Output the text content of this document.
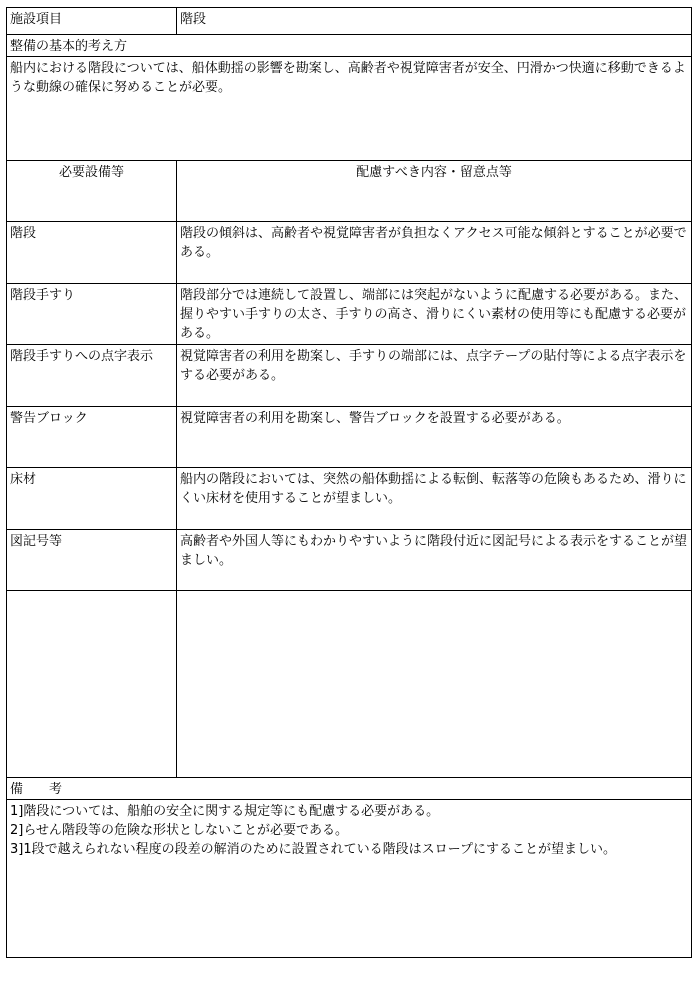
施設項目	階段
整備の基本的考え方	
船内における階段については、船体動揺の影響を勘案し、高齢者や視覚障害者が安全、円滑かつ快適に移動できるような動線の確保に努めることが必要。	
必要設備等	配慮すべき内容・留意点等
階段	階段の傾斜は、高齢者や視覚障害者が負担なくアクセス可能な傾斜とすることが必要である。
階段手すり	階段部分では連続して設置し、端部には突起がないように配慮する必要がある。また、握りやすい手すりの太さ、手すりの高さ、滑りにくい素材の使用等にも配慮する必要がある。
階段手すりへの点字表示	視覚障害者の利用を勘案し、手すりの端部には、点字テープの貼付等による点字表示をする必要がある。
警告ブロック	視覚障害者の利用を勘案し、警告ブロックを設置する必要がある。
床材	船内の階段においては、突然の船体動揺による転倒、転落等の危険もあるため、滑りにくい床材を使用することが望ましい。
図記号等	高齢者や外国人等にもわかりやすいように階段付近に図記号による表示をすることが望ましい。

備　　考	

1]階段については、船舶の安全に関する規定等にも配慮する必要がある。
2]らせん階段等の危険な形状としないことが必要である。
3]1段で越えられない程度の段差の解消のために設置されている階段はスロープにすることが望ましい。	
